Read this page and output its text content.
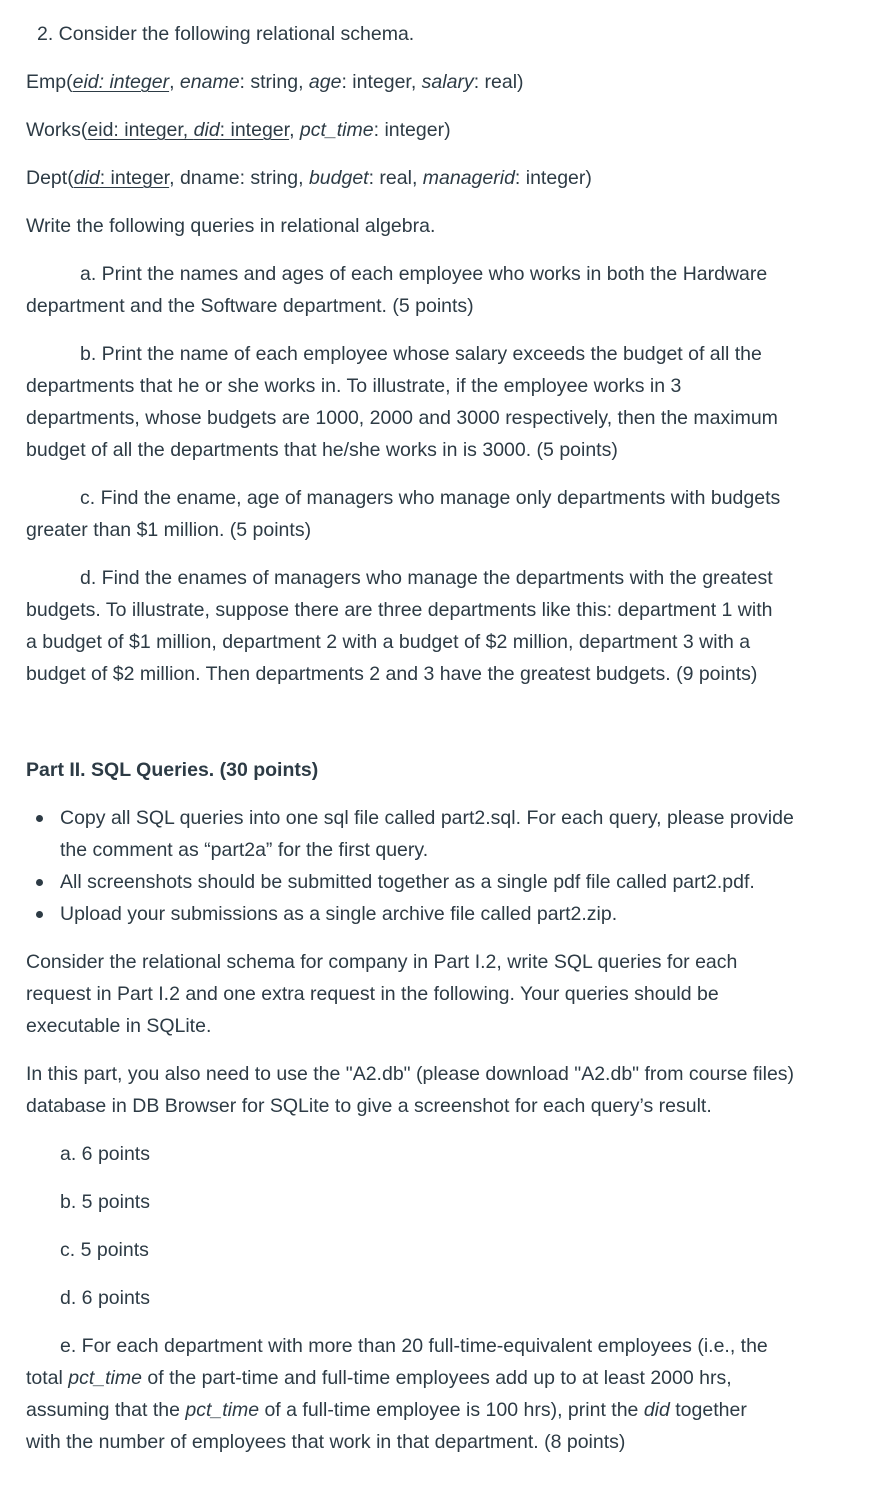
2. Consider the following relational schema.

Emp(eid: integer, ename: string, age: integer, salary: real)

Works(eid: integer, did: integer, pct_time: integer)

Dept(did: integer, dname: string, budget: real, managerid: integer)

Write the following queries in relational algebra.

a. Print the names and ages of each employee who works in both the Hardware
department and the Software department. (5 points)
b. Print the name of each employee whose salary exceeds the budget of all the
departments that he or she works in. To illustrate, if the employee works in 3
departments, whose budgets are 1000, 2000 and 3000 respectively, then the maximum
budget of all the departments that he/she works in is 3000. (5 points)
c. Find the ename, age of managers who manage only departments with budgets
greater than $1 million. (5 points)
d. Find the enames of managers who manage the departments with the greatest
budgets. To illustrate, suppose there are three departments like this: department 1 with
a budget of $1 million, department 2 with a budget of $2 million, department 3 with a
budget of $2 million. Then departments 2 and 3 have the greatest budgets. (9 points)

Part II. SQL Queries. (30 points)

Copy all SQL queries into one sql file called part2.sql. For each query, please provide
the comment as “part2a” for the first query.
All screenshots should be submitted together as a single pdf file called part2.pdf.
Upload your submissions as a single archive file called part2.zip.
Consider the relational schema for company in Part I.2, write SQL queries for each
request in Part I.2 and one extra request in the following. Your queries should be
executable in SQLite.
In this part, you also need to use the "A2.db" (please download "A2.db" from course files)
database in DB Browser for SQLite to give a screenshot for each query’s result.

a. 6 points

b. 5 points

c. 5 points

d. 6 points

e. For each department with more than 20 full-time-equivalent employees (i.e., the
total pct_time of the part-time and full-time employees add up to at least 2000 hrs,
assuming that the pct_time of a full-time employee is 100 hrs), print the did together
with the number of employees that work in that department. (8 points)
